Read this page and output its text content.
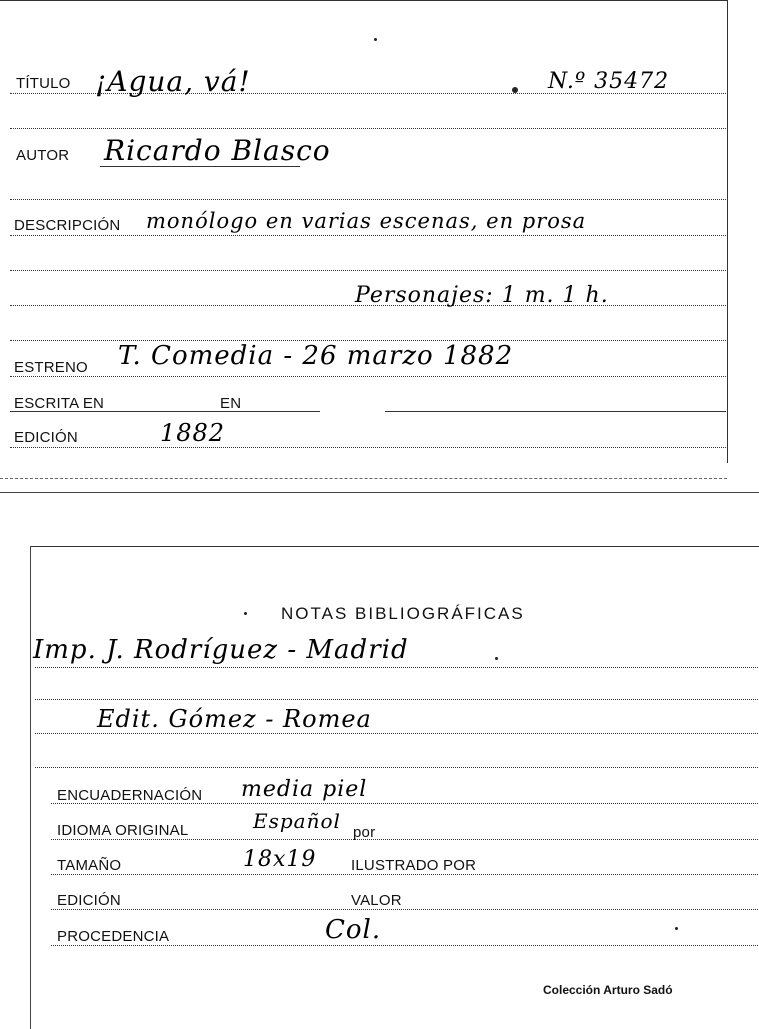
TÍTULO ¡Agua, vá!	N.º 35472
AUTOR Ricardo Blasco
DESCRIPCIÓN monólogo en varias escenas, en prosa
Personajes: 1 m. 1 h.
ESTRENO T. Comedia - 26 marzo 1882
ESCRITA EN	EN
EDICIÓN	1882
NOTAS BIBLIOGRÁFICAS
Imp. J. Rodríguez - Madrid
Edit. Gómez - Romea
ENCUADERNACIÓN media piel
IDIOMA ORIGINAL	Español por
TAMAÑO	18x19 ILUSTRADO POR
EDICIÓN	VALOR
PROCEDENCIA	Col.
Colección Arturo Sadó
